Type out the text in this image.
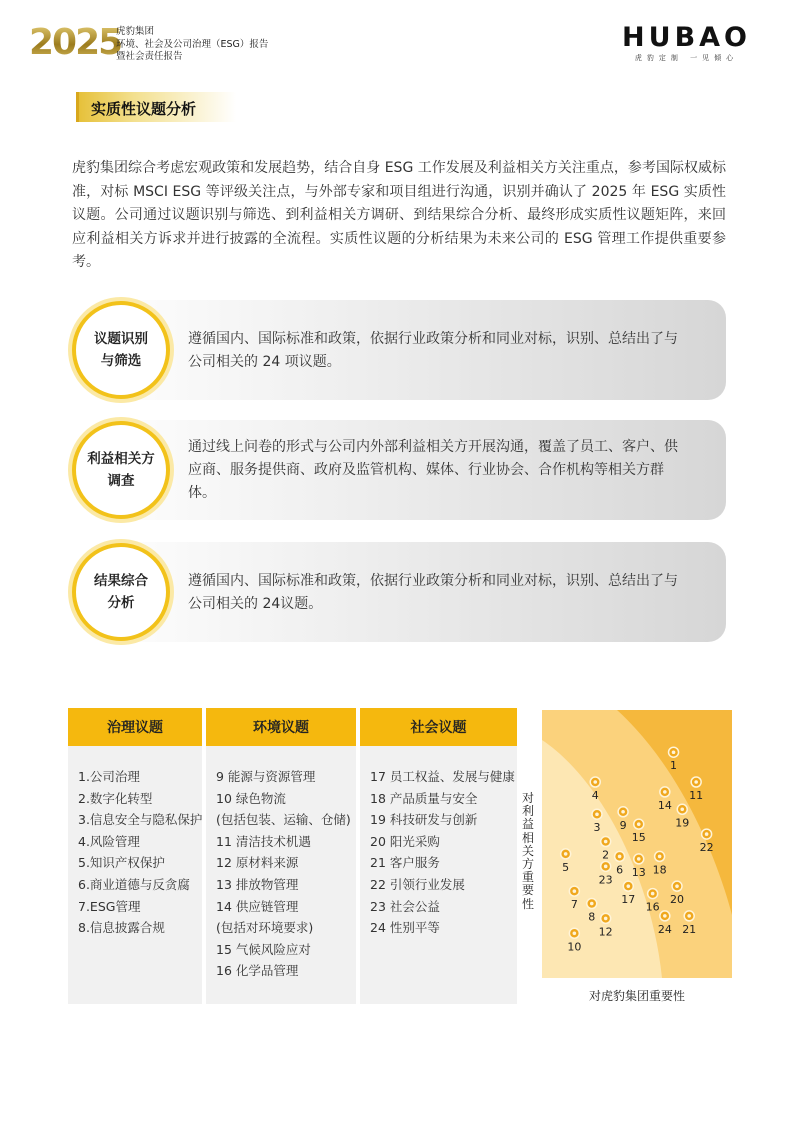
2025
虎豹集团
环境、社会及公司治理（ESG）报告
暨社会责任报告
HUBAO
虎豹定制 一见倾心
实质性议题分析
虎豹集团综合考虑宏观政策和发展趋势，结合自身 ESG 工作发展及利益相关方关注重点，参考国际权威标准，对标 MSCI ESG 等评级关注点，与外部专家和项目组进行沟通，识别并确认了 2025 年 ESG 实质性议题。公司通过议题识别与筛选、到利益相关方调研、到结果综合分析、最终形成实质性议题矩阵，来回应利益相关方诉求并进行披露的全流程。实质性议题的分析结果为未来公司的 ESG 管理工作提供重要参考。
议题识别
与筛选
遵循国内、国际标准和政策，依据行业政策分析和同业对标，识别、总结出了与公司相关的 24 项议题。
利益相关方
调查
通过线上问卷的形式与公司内外部利益相关方开展沟通，覆盖了员工、客户、供应商、服务提供商、政府及监管机构、媒体、行业协会、合作机构等相关方群体。
结果综合
分析
遵循国内、国际标准和政策，依据行业政策分析和同业对标，识别、总结出了与公司相关的 24议题。
治理议题
1.公司治理
2.数字化转型
3.信息安全与隐私保护
4.风险管理
5.知识产权保护
6.商业道德与反贪腐
7.ESG管理
8.信息披露合规
环境议题
9 能源与资源管理
10 绿色物流
(包括包装、运输、仓储)
11 清洁技术机遇
12 原材料来源
13 排放物管理
14 供应链管理
(包括对环境要求)
15 气候风险应对
16 化学品管理
社会议题
17 员工权益、发展与健康
18 产品质量与安全
19 科技研发与创新
20 阳光采购
21 客户服务
22 引领行业发展
23 社会公益
24 性别平等
对利益相关方重要性
1
2
3
4
5	6
7
8
9
10
11
12
13
14
15
16
17
18
19
20
21
22
23
24
对虎豹集团重要性
